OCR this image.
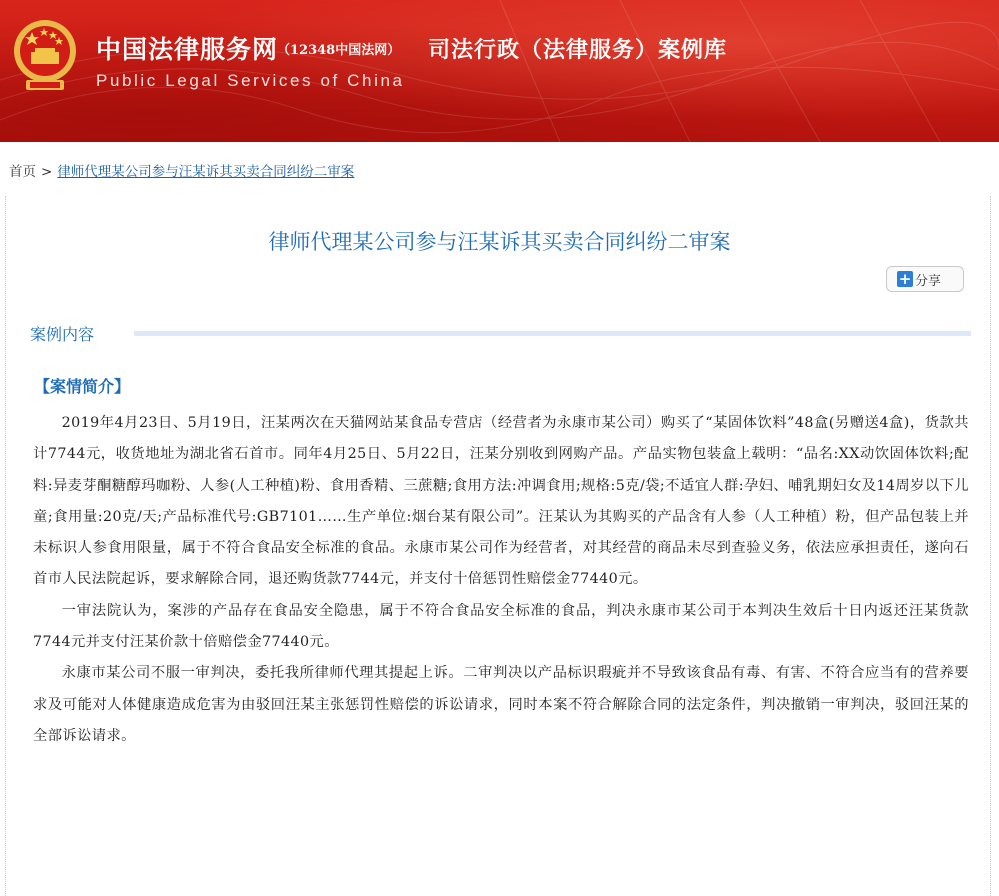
中国法律服务网
（12348中国法网）
Public Legal Services of China
司法行政（法律服务）案例库
首页 > 律师代理某公司参与汪某诉其买卖合同纠纷二审案
律师代理某公司参与汪某诉其买卖合同纠纷二审案
+ 分享
案例内容
【案情简介】

2019年4月23日、5月19日，汪某两次在天猫网站某食品专营店（经营者为永康市某公司）购买了“某固体饮料”48盒(另赠送4盒)，货款共计7744元，收货地址为湖北省石首市。同年4月25日、5月22日，汪某分别收到网购产品。产品实物包装盒上载明：“品名:XX动饮固体饮料;配料:异麦芽酮糖醇玛咖粉、人参(人工种植)粉、食用香精、三蔗糖;食用方法:冲调食用;规格:5克/袋;不适宜人群:孕妇、哺乳期妇女及14周岁以下儿童;食用量:20克/天;产品标准代号:GB7101……生产单位:烟台某有限公司”。汪某认为其购买的产品含有人参（人工种植）粉，但产品包装上并未标识人参食用限量，属于不符合食品安全标准的食品。永康市某公司作为经营者，对其经营的商品未尽到查验义务，依法应承担责任，遂向石首市人民法院起诉，要求解除合同，退还购货款7744元，并支付十倍惩罚性赔偿金77440元。

一审法院认为，案涉的产品存在食品安全隐患，属于不符合食品安全标准的食品，判决永康市某公司于本判决生效后十日内返还汪某货款7744元并支付汪某价款十倍赔偿金77440元。

永康市某公司不服一审判决，委托我所律师代理其提起上诉。二审判决以产品标识瑕疵并不导致该食品有毒、有害、不符合应当有的营养要求及可能对人体健康造成危害为由驳回汪某主张惩罚性赔偿的诉讼请求，同时本案不符合解除合同的法定条件，判决撤销一审判决，驳回汪某的全部诉讼请求。
